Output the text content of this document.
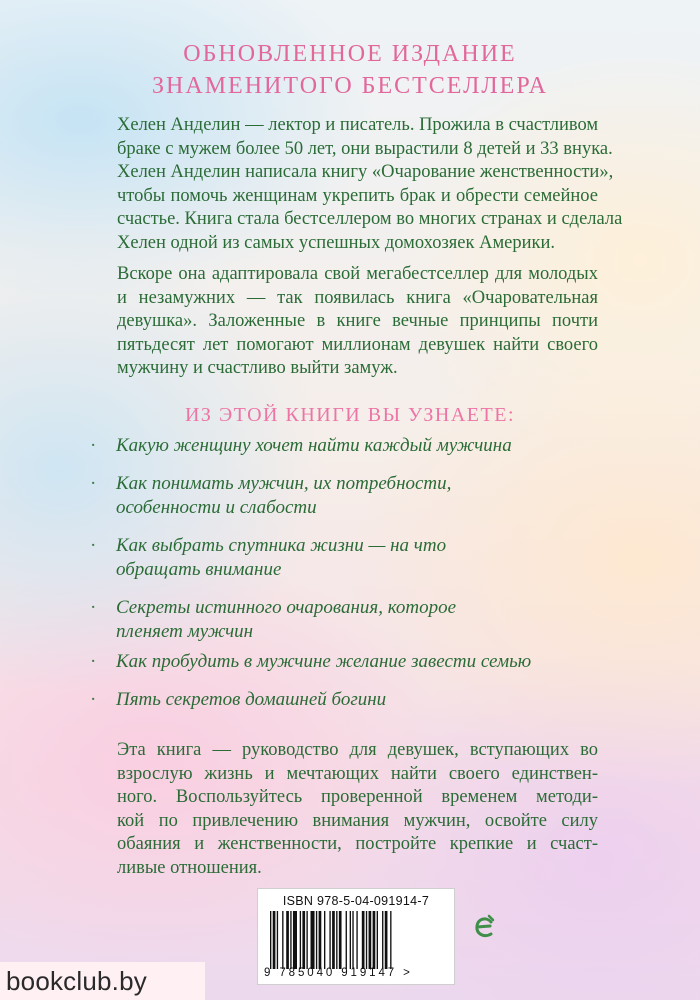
ОБНОВЛЕННОЕ ИЗДАНИЕ
ЗНАМЕНИТОГО БЕСТСЕЛЛЕРА
Хелен Анделин — лектор и писатель. Прожила в счастливом
браке с мужем более 50 лет, они вырастили 8 детей и 33 внука.
Хелен Анделин написала книгу «Очарование женственности»,
чтобы помочь женщинам укрепить брак и обрести семейное
счастье. Книга стала бестселлером во многих странах и сделала
Хелен одной из самых успешных домохозяек Америки.
Вскоре она адаптировала свой мегабестселлер для молодых
и незамужних — так появилась книга «Очаровательная
девушка». Заложенные в книге вечные принципы почти
пятьдесят лет помогают миллионам девушек найти своего
мужчину и счастливо выйти замуж.
ИЗ ЭТОЙ КНИГИ ВЫ УЗНАЕТЕ:
· Какую женщину хочет найти каждый мужчина
· Как понимать мужчин, их потребности,
особенности и слабости
· Как выбрать спутника жизни — на что
обращать внимание
· Секреты истинного очарования, которое
пленяет мужчин
· Как пробудить в мужчине желание завести семью
· Пять секретов домашней богини
Эта книга — руководство для девушек, вступающих во
взрослую жизнь и мечтающих найти своего единствен-
ного. Воспользуйтесь проверенной временем методи-
кой по привлечению внимания мужчин, освойте силу
обаяния и женственности, постройте крепкие и счаст-
ливые отношения.
ISBN 978-5-04-091914-7
9 785040 919147 >
bookclub.by
